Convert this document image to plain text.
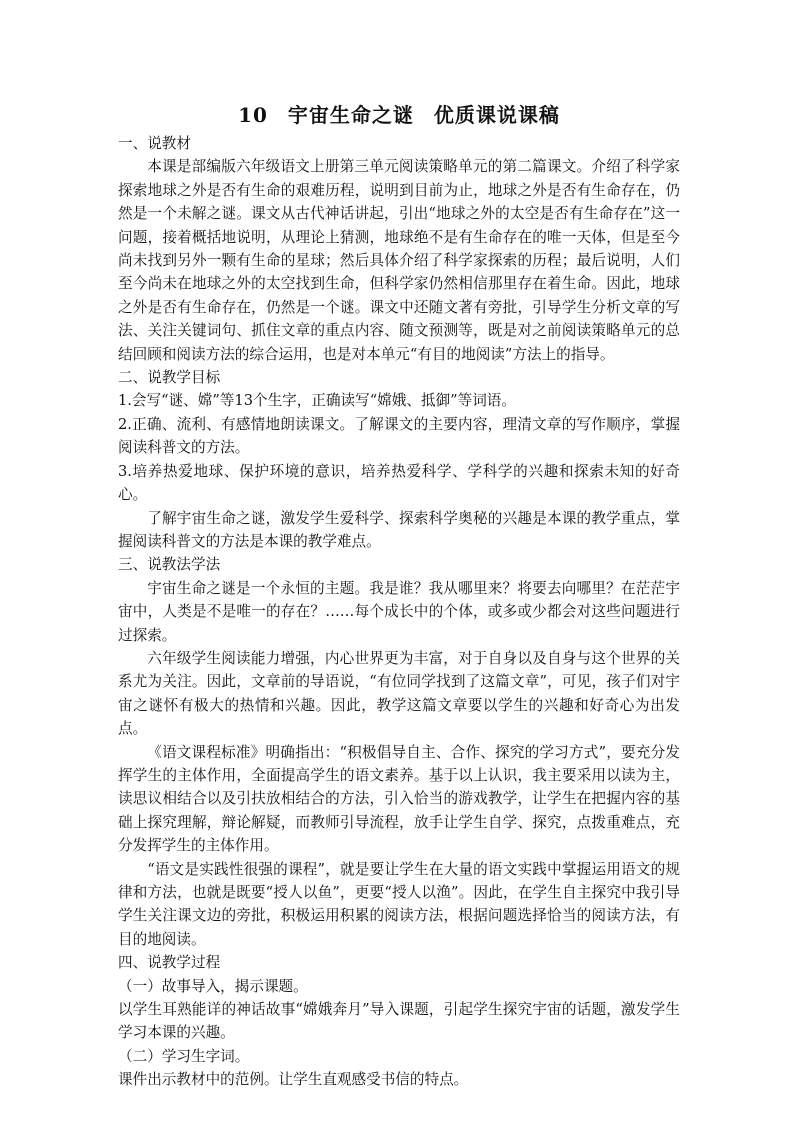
10 宇宙生命之谜 优质课说课稿

一、说教材

本课是部编版六年级语文上册第三单元阅读策略单元的第二篇课文。介绍了科学家探索地球之外是否有生命的艰难历程，说明到目前为止，地球之外是否有生命存在，仍然是一个未解之谜。课文从古代神话讲起，引出“地球之外的太空是否有生命存在”这一问题，接着概括地说明，从理论上猜测，地球绝不是有生命存在的唯一天体，但是至今尚未找到另外一颗有生命的星球；然后具体介绍了科学家探索的历程；最后说明，人们至今尚未在地球之外的太空找到生命，但科学家仍然相信那里存在着生命。因此，地球之外是否有生命存在，仍然是一个谜。课文中还随文著有旁批，引导学生分析文章的写法、关注关键词句、抓住文章的重点内容、随文预测等，既是对之前阅读策略单元的总结回顾和阅读方法的综合运用，也是对本单元“有目的地阅读”方法上的指导。

二、说教学目标

1.会写“谜、嫦”等13个生字，正确读写“嫦娥、抵御”等词语。

2.正确、流利、有感情地朗读课文。了解课文的主要内容，理清文章的写作顺序，掌握阅读科普文的方法。

3.培养热爱地球、保护环境的意识，培养热爱科学、学科学的兴趣和探索未知的好奇心。

了解宇宙生命之谜，激发学生爱科学、探索科学奥秘的兴趣是本课的教学重点，掌握阅读科普文的方法是本课的教学难点。

三、说教法学法

宇宙生命之谜是一个永恒的主题。我是谁？我从哪里来？将要去向哪里？在茫茫宇宙中，人类是不是唯一的存在？……每个成长中的个体，或多或少都会对这些问题进行过探索。

六年级学生阅读能力增强，内心世界更为丰富，对于自身以及自身与这个世界的关系尤为关注。因此，文章前的导语说，“有位同学找到了这篇文章”，可见，孩子们对宇宙之谜怀有极大的热情和兴趣。因此，教学这篇文章要以学生的兴趣和好奇心为出发点。

《语文课程标准》明确指出：“积极倡导自主、合作、探究的学习方式”，要充分发挥学生的主体作用，全面提高学生的语文素养。基于以上认识，我主要采用以读为主，读思议相结合以及引扶放相结合的方法，引入恰当的游戏教学，让学生在把握内容的基础上探究理解，辩论解疑，而教师引导流程，放手让学生自学、探究，点拨重难点，充分发挥学生的主体作用。

“语文是实践性很强的课程”，就是要让学生在大量的语文实践中掌握运用语文的规律和方法，也就是既要“授人以鱼”，更要“授人以渔”。因此，在学生自主探究中我引导学生关注课文边的旁批，积极运用积累的阅读方法，根据问题选择恰当的阅读方法，有目的地阅读。

四、说教学过程

（一）故事导入，揭示课题。

以学生耳熟能详的神话故事“嫦娥奔月”导入课题，引起学生探究宇宙的话题，激发学生学习本课的兴趣。

（二）学习生字词。

课件出示教材中的范例。让学生直观感受书信的特点。
